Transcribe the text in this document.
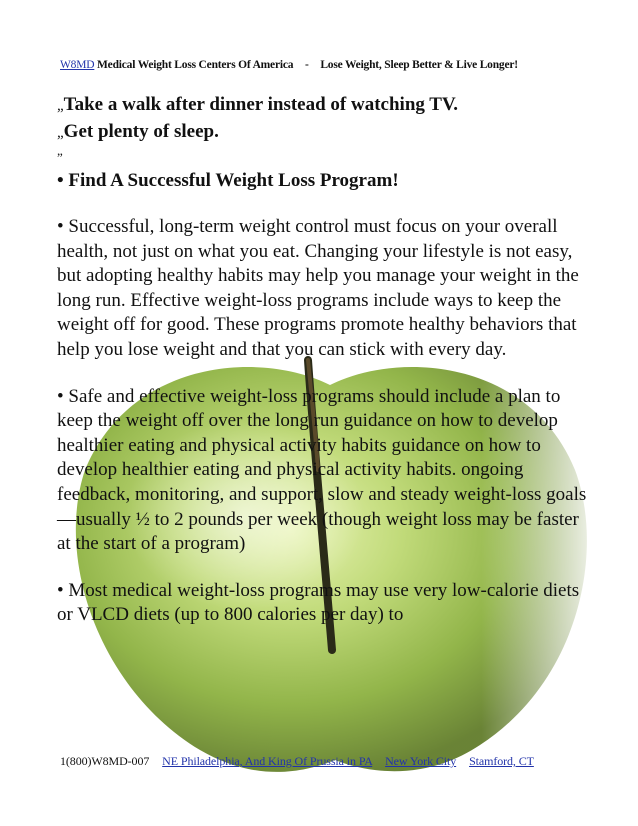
W8MD Medical Weight Loss Centers Of America - Lose Weight, Sleep Better & Live Longer!

„Take a walk after dinner instead of watching TV.

„Get plenty of sleep.

”

• Find A Successful Weight Loss Program!

• Successful, long-term weight control must focus on your overall health, not just on what you eat. Changing your lifestyle is not easy, but adopting healthy habits may help you manage your weight in the long run. Effective weight-loss programs include ways to keep the weight off for good. These programs promote healthy behaviors that help you lose weight and that you can stick with every day.

• Safe and effective weight-loss programs should include a plan to keep the weight off over the long run guidance on how to develop healthier eating and physical activity habits guidance on how to develop healthier eating and physical activity habits. ongoing feedback, monitoring, and support, slow and steady weight-loss goals—usually ½ to 2 pounds per week (though weight loss may be faster at the start of a program)

• Most medical weight-loss programs may use very low-calorie diets or VLCD diets (up to 800 calories per day) to

1(800)W8MD-007 NE Philadelphia, And King Of Prussia in PA New York City Stamford, CT
